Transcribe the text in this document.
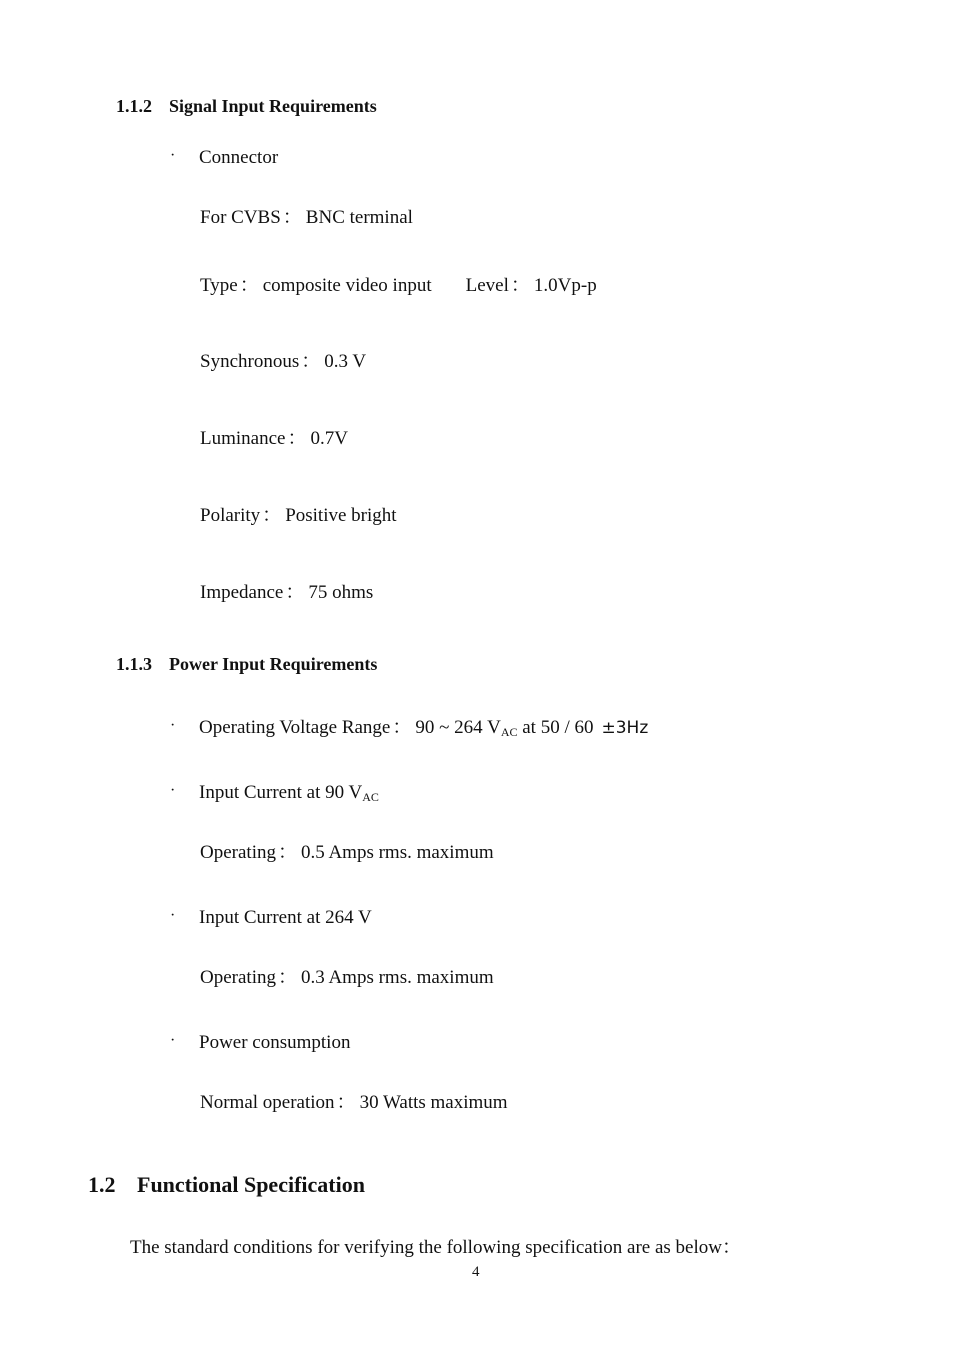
1.1.2 Signal Input Requirements
· Connector
For CVBS ： BNC terminal
Type ： composite video input Level ： 1.0Vp-p
Synchronous ： 0.3 V
Luminance ： 0.7V
Polarity ： Positive bright
Impedance ： 75 ohms
1.1.3 Power Input Requirements
· Operating Voltage Range ： 90 ~ 264 $V_{AC}$ at 50 / 60 ±3Hz
· Input Current at 90 $V_{AC}$
Operating ： 0.5 Amps rms. maximum
· Input Current at 264 V
Operating ： 0.3 Amps rms. maximum
· Power consumption
Normal operation ： 30 Watts maximum
1.2 Functional Specification
The standard conditions for verifying the following specification are as below：
4
